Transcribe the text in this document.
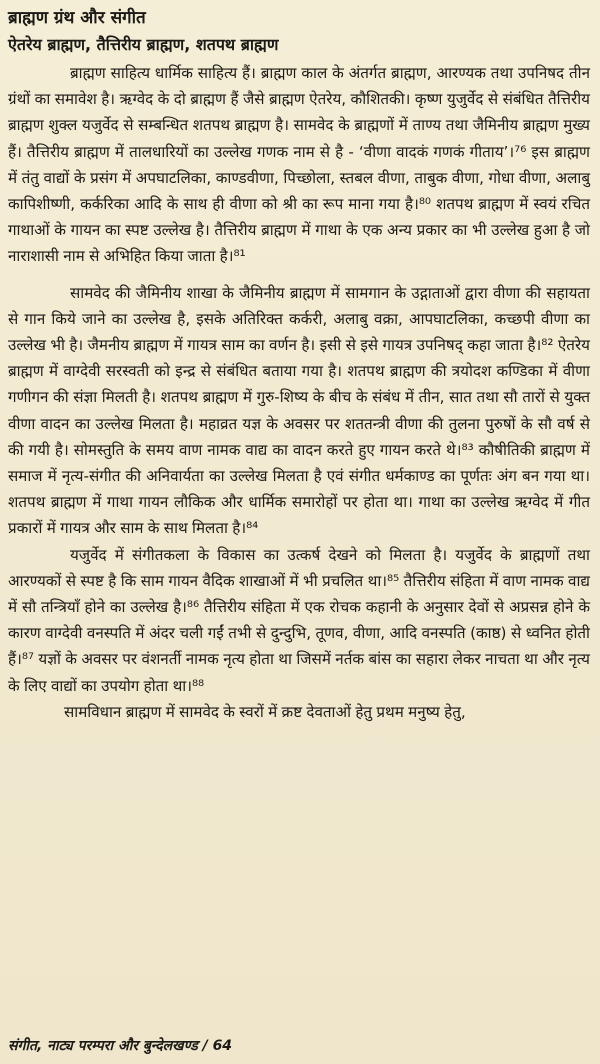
ब्राह्मण ग्रंथ और संगीत
ऐतरेय ब्राह्मण, तैत्तिरीय ब्राह्मण, शतपथ ब्राह्मण

ब्राह्मण साहित्य धार्मिक साहित्य हैं। ब्राह्मण काल के अंतर्गत ब्राह्मण, आरण्यक तथा उपनिषद तीन ग्रंथों का समावेश है। ऋग्वेद के दो ब्राह्मण हैं जैसे ब्राह्मण ऐतरेय, कौशितकी। कृष्ण युजुर्वेद से संबंधित तैत्तिरीय ब्राह्मण शुक्ल यजुर्वेद से सम्बन्धित शतपथ ब्राह्मण है। सामवेद के ब्राह्मणों में ताण्य तथा जैमिनीय ब्राह्मण मुख्य हैं। तैत्तिरीय ब्राह्मण में तालधारियों का उल्लेख गणक नाम से है - ‘वीणा वादकं गणकं गीताय’।⁷⁶ इस ब्राह्मण में तंतु वाद्यों के प्रसंग में अपघाटलिका, काण्डवीणा, पिच्छोला, स्तबल वीणा, ताबुक वीणा, गोधा वीणा, अलाबु कापिशीष्णी, कर्करिका आदि के साथ ही वीणा को श्री का रूप माना गया है।⁸⁰ शतपथ ब्राह्मण में स्वयं रचित गाथाओं के गायन का स्पष्ट उल्लेख है। तैत्तिरीय ब्राह्मण में गाथा के एक अन्य प्रकार का भी उल्लेख हुआ है जो नाराशासी नाम से अभिहित किया जाता है।⁸¹

सामवेद की जैमिनीय शाखा के जैमिनीय ब्राह्मण में सामगान के उद्गाताओं द्वारा वीणा की सहायता से गान किये जाने का उल्लेख है, इसके अतिरिक्त कर्करी, अलाबु वक्रा, आपघाटलिका, कच्छपी वीणा का उल्लेख भी है। जैमनीय ब्राह्मण में गायत्र साम का वर्णन है। इसी से इसे गायत्र उपनिषद् कहा जाता है।⁸² ऐतरेय ब्राह्मण में वाग्देवी सरस्वती को इन्द्र से संबंधित बताया गया है। शतपथ ब्राह्मण की त्रयोदश कण्डिका में वीणा गणीगन की संज्ञा मिलती है। शतपथ ब्राह्मण में गुरु-शिष्य के बीच के संबंध में तीन, सात तथा सौ तारों से युक्त वीणा वादन का उल्लेख मिलता है। महाव्रत यज्ञ के अवसर पर शततन्त्री वीणा की तुलना पुरुषों के सौ वर्ष से की गयी है। सोमस्तुति के समय वाण नामक वाद्य का वादन करते हुए गायन करते थे।⁸³ कौषीतिकी ब्राह्मण में समाज में नृत्य-संगीत की अनिवार्यता का उल्लेख मिलता है एवं संगीत धर्मकाण्ड का पूर्णतः अंग बन गया था। शतपथ ब्राह्मण में गाथा गायन लौकिक और धार्मिक समारोहों पर होता था। गाथा का उल्लेख ऋग्वेद में गीत प्रकारों में गायत्र और साम के साथ मिलता है।⁸⁴

यजुर्वेद में संगीतकला के विकास का उत्कर्ष देखने को मिलता है। यजुर्वेद के ब्राह्मणों तथा आरण्यकों से स्पष्ट है कि साम गायन वैदिक शाखाओं में भी प्रचलित था।⁸⁵ तैत्तिरीय संहिता में वाण नामक वाद्य में सौ तन्त्रियाँ होने का उल्लेख है।⁸⁶ तैत्तिरीय संहिता में एक रोचक कहानी के अनुसार देवों से अप्रसन्न होने के कारण वाग्देवी वनस्पति में अंदर चली गईं तभी से दुन्दुभि, तूणव, वीणा, आदि वनस्पति (काष्ठ) से ध्वनित होती हैं।⁸⁷ यज्ञों के अवसर पर वंशनर्ती नामक नृत्य होता था जिसमें नर्तक बांस का सहारा लेकर नाचता था और नृत्य के लिए वाद्यों का उपयोग होता था।⁸⁸

सामविधान ब्राह्मण में सामवेद के स्वरों में क्रष्ट देवताओं हेतु प्रथम मनुष्य हेतु,

संगीत, नाट्य परम्परा और बुन्देलखण्ड / 64
